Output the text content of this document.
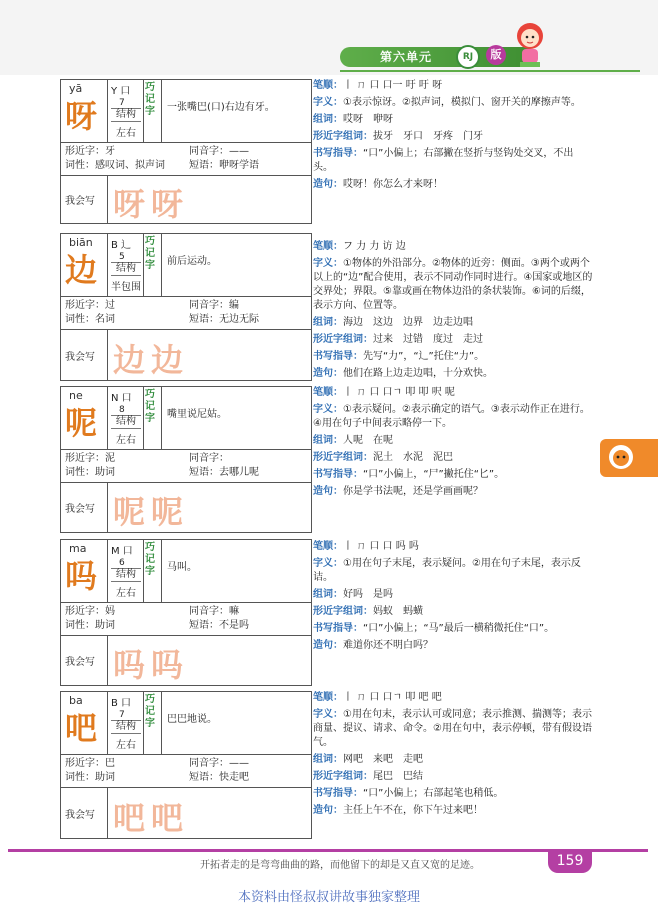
第六单元	RJ	版
yā
呀
Y 口
7
结构
左右
巧记字	一张嘴巴(口)右边有牙。
形近字：牙	同音字：——
词性：感叹词、拟声词 短语：咿呀学语
我会写 呀呀
biān
边
B 辶
5
结构
半包围
巧记字	前后运动。
形近字：过	同音字：编
词性：名词	短语：无边无际
我会写 边边
ne
呢
N 口
8
结构
左右
巧记字	嘴里说尼姑。
形近字：泥	同音字：
词性：助词	短语：去哪儿呢
我会写 呢呢
ma
吗
M 口
6
结构
左右
巧记字	马叫。
形近字：妈	同音字：嘛
词性：助词	短语：不是吗
我会写 吗吗
ba
吧
B 口
7
结构
左右
巧记字	巴巴地说。
形近字：巴	同音字：——
词性：助词	短语：快走吧
我会写 吧吧
笔顺：丨 ㄇ 口 口一 吁 吁 呀
字义：①表示惊讶。②拟声词，模拟门、窗开关的摩擦声等。
组词：哎呀　咿呀
形近字组词：拔牙　牙口　牙疼　门牙
书写指导：“口”小偏上；右部撇在竖折与竖钩处交叉，不出头。
造句：哎呀！你怎么才来呀！
笔顺：フ 力 力 访 边
字义：①物体的外沿部分。②物体的近旁：侧面。③两个或两个以上的“边”配合使用，表示不同动作同时进行。④国家或地区的交界处；界限。⑤靠或画在物体边沿的条状装饰。⑥词的后缀，表示方向、位置等。
组词：海边　这边　边界　边走边唱
形近字组词：过来　过错　度过　走过
书写指导：先写“力”，“辶”托住“力”。
造句：他们在路上边走边唱，十分欢快。
笔顺：丨 ㄇ 口 口ㄱ 叩 叩 呎 呢
字义：①表示疑问。②表示确定的语气。③表示动作正在进行。④用在句子中间表示略停一下。
组词：人呢　在呢
形近字组词：泥土　水泥　泥巴
书写指导：“口”小偏上，“尸”撇托住“匕”。
造句：你是学书法呢，还是学画画呢？
笔顺：丨 ㄇ 口 口 吗 吗
字义：①用在句子末尾，表示疑问。②用在句子末尾，表示反诘。
组词：好吗　是吗
形近字组词：妈蚁　蚂蟥
书写指导：“口”小偏上；“马”最后一横稍微托住“口”。
造句：难道你还不明白吗？
笔顺：丨 ㄇ 口 口ㄱ 叩 吧 吧
字义：①用在句末，表示认可或同意；表示推测、揣测等；表示商量、提议、请求、命令。②用在句中，表示停顿，带有假设语气。
组词：网吧　来吧　走吧
形近字组词：尾巴　巴结
书写指导：“口”小偏上；右部起笔也稍低。
造句：主任上午不在，你下午过来吧！
开拓者走的是弯弯曲曲的路，而他留下的却是又直又宽的足迹。	159
本资料由怪叔叔讲故事独家整理
